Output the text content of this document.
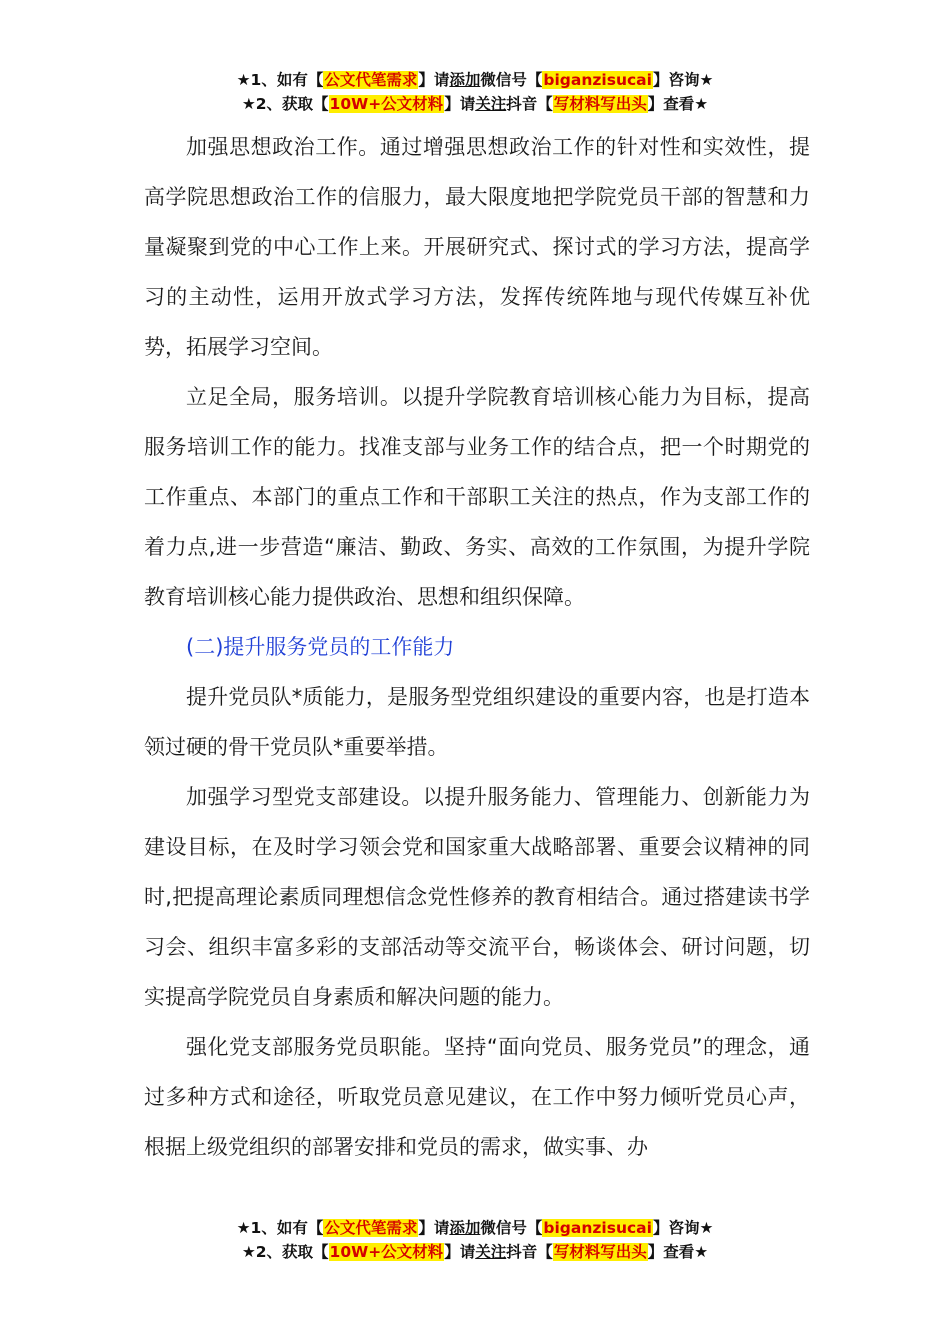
★1、如有【公文代笔需求】请添加微信号【biganzisucai】咨询★
★2、获取【10W+公文材料】请关注抖音【写材料写出头】查看★

加强思想政治工作。通过增强思想政治工作的针对性和实效性，提高学院思想政治工作的信服力，最大限度地把学院党员干部的智慧和力量凝聚到党的中心工作上来。开展研究式、探讨式的学习方法，提高学习的主动性，运用开放式学习方法，发挥传统阵地与现代传媒互补优势，拓展学习空间。

立足全局，服务培训。以提升学院教育培训核心能力为目标，提高服务培训工作的能力。找准支部与业务工作的结合点，把一个时期党的工作重点、本部门的重点工作和干部职工关注的热点，作为支部工作的着力点,进一步营造“廉洁、勤政、务实、高效的工作氛围，为提升学院教育培训核心能力提供政治、思想和组织保障。

(二)提升服务党员的工作能力

提升党员队*质能力，是服务型党组织建设的重要内容，也是打造本领过硬的骨干党员队*重要举措。

加强学习型党支部建设。以提升服务能力、管理能力、创新能力为建设目标，在及时学习领会党和国家重大战略部署、重要会议精神的同时,把提高理论素质同理想信念党性修养的教育相结合。通过搭建读书学习会、组织丰富多彩的支部活动等交流平台，畅谈体会、研讨问题，切实提高学院党员自身素质和解决问题的能力。

强化党支部服务党员职能。坚持“面向党员、服务党员”的理念，通过多种方式和途径，听取党员意见建议，在工作中努力倾听党员心声，根据上级党组织的部署安排和党员的需求，做实事、办

★1、如有【公文代笔需求】请添加微信号【biganzisucai】咨询★
★2、获取【10W+公文材料】请关注抖音【写材料写出头】查看★
